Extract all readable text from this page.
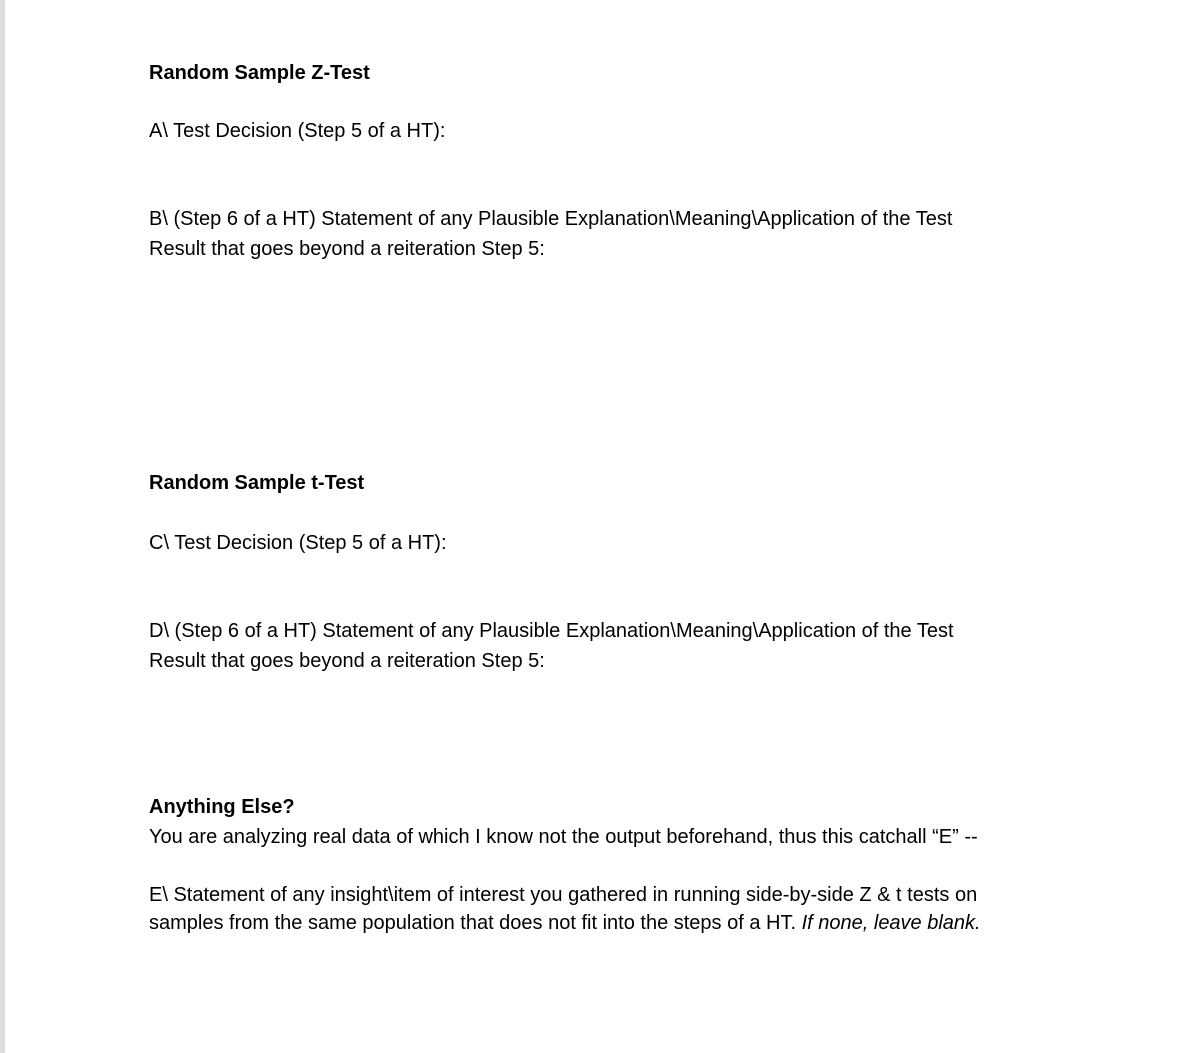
Random Sample Z-Test
A\ Test Decision (Step 5 of a HT):
B\ (Step 6 of a HT) Statement of any Plausible Explanation\Meaning\Application of the Test
Result that goes beyond a reiteration Step 5:
Random Sample t-Test
C\ Test Decision (Step 5 of a HT):
D\ (Step 6 of a HT) Statement of any Plausible Explanation\Meaning\Application of the Test
Result that goes beyond a reiteration Step 5:
Anything Else?
You are analyzing real data of which I know not the output beforehand, thus this catchall “E” --
E\ Statement of any insight\item of interest you gathered in running side-by-side Z & t tests on
samples from the same population that does not fit into the steps of a HT. If none, leave blank.
